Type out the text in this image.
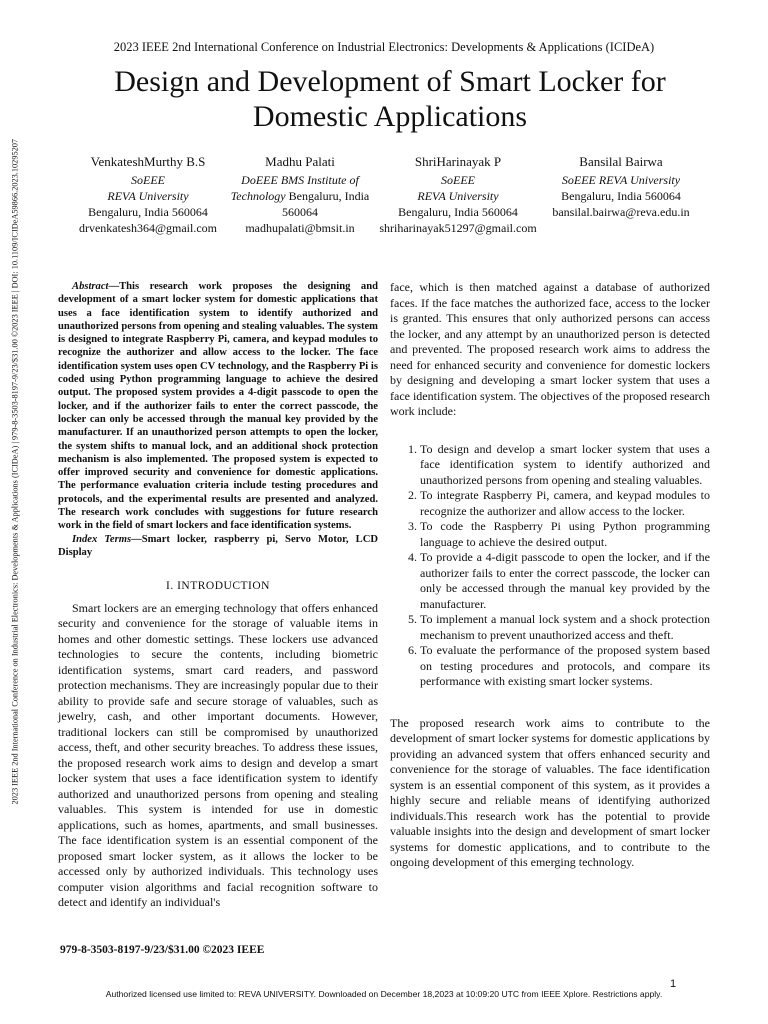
2023 IEEE 2nd International Conference on Industrial Electronics: Developments & Applications (ICIDeA) | 979-8-3503-8197-9/23/$31.00 ©2023 IEEE | DOI: 10.1109/ICIDeA59866.2023.10295207
2023 IEEE 2nd International Conference on Industrial Electronics: Developments & Applications (ICIDeA)
Design and Development of Smart Locker for
Domestic Applications
VenkateshMurthy B.S
SoEEE
REVA University
Bengaluru, India 560064
drvenkatesh364@gmail.com
Madhu Palati
DoEEE BMS Institute of
Technology Bengaluru, India
560064
madhupalati@bmsit.in
ShriHarinayak P
SoEEE
REVA University
Bengaluru, India 560064
shriharinayak51297@gmail.com
Bansilal Bairwa
SoEEE REVA University
Bengaluru, India 560064
bansilal.bairwa@reva.edu.in

Abstract—This research work proposes the designing and development of a smart locker system for domestic applications that uses a face identification system to identify authorized and unauthorized persons from opening and stealing valuables. The system is designed to integrate Raspberry Pi, camera, and keypad modules to recognize the authorizer and allow access to the locker. The face identification system uses open CV technology, and the Raspberry Pi is coded using Python programming language to achieve the desired output. The proposed system provides a 4-digit passcode to open the locker, and if the authorizer fails to enter the correct passcode, the locker can only be accessed through the manual key provided by the manufacturer. If an unauthorized person attempts to open the locker, the system shifts to manual lock, and an additional shock protection mechanism is also implemented. The proposed system is expected to offer improved security and convenience for domestic applications. The performance evaluation criteria include testing procedures and protocols, and the experimental results are presented and analyzed. The research work concludes with suggestions for future research work in the field of smart lockers and face identification systems.

Index Terms—Smart locker, raspberry pi, Servo Motor, LCD Display

I. INTRODUCTION

Smart lockers are an emerging technology that offers enhanced security and convenience for the storage of valuable items in homes and other domestic settings. These lockers use advanced technologies to secure the contents, including biometric identification systems, smart card readers, and password protection mechanisms. They are increasingly popular due to their ability to provide safe and secure storage of valuables, such as jewelry, cash, and other important documents. However, traditional lockers can still be compromised by unauthorized access, theft, and other security breaches. To address these issues, the proposed research work aims to design and develop a smart locker system that uses a face identification system to identify authorized and unauthorized persons from opening and stealing valuables. This system is intended for use in domestic applications, such as homes, apartments, and small businesses. The face identification system is an essential component of the proposed smart locker system, as it allows the locker to be accessed only by authorized individuals. This technology uses computer vision algorithms and facial recognition software to detect and identify an individual's

face, which is then matched against a database of authorized faces. If the face matches the authorized face, access to the locker is granted. This ensures that only authorized persons can access the locker, and any attempt by an unauthorized person is detected and prevented. The proposed research work aims to address the need for enhanced security and convenience for domestic lockers by designing and developing a smart locker system that uses a face identification system. The objectives of the proposed research work include:

1. To design and develop a smart locker system that uses a face identification system to identify authorized and unauthorized persons from opening and stealing valuables.
2. To integrate Raspberry Pi, camera, and keypad modules to recognize the authorizer and allow access to the locker.
3. To code the Raspberry Pi using Python programming language to achieve the desired output.
4. To provide a 4-digit passcode to open the locker, and if the authorizer fails to enter the correct passcode, the locker can only be accessed through the manual key provided by the manufacturer.
5. To implement a manual lock system and a shock protection mechanism to prevent unauthorized access and theft.
6. To evaluate the performance of the proposed system based on testing procedures and protocols, and compare its performance with existing smart locker systems.

The proposed research work aims to contribute to the development of smart locker systems for domestic applications by providing an advanced system that offers enhanced security and convenience for the storage of valuables. The face identification system is an essential component of this system, as it provides a highly secure and reliable means of identifying authorized individuals.This research work has the potential to provide valuable insights into the design and development of smart locker systems for domestic applications, and to contribute to the ongoing development of this emerging technology.

979-8-3503-8197-9/23/$31.00 ©2023 IEEE
1
Authorized licensed use limited to: REVA UNIVERSITY. Downloaded on December 18,2023 at 10:09:20 UTC from IEEE Xplore. Restrictions apply.
